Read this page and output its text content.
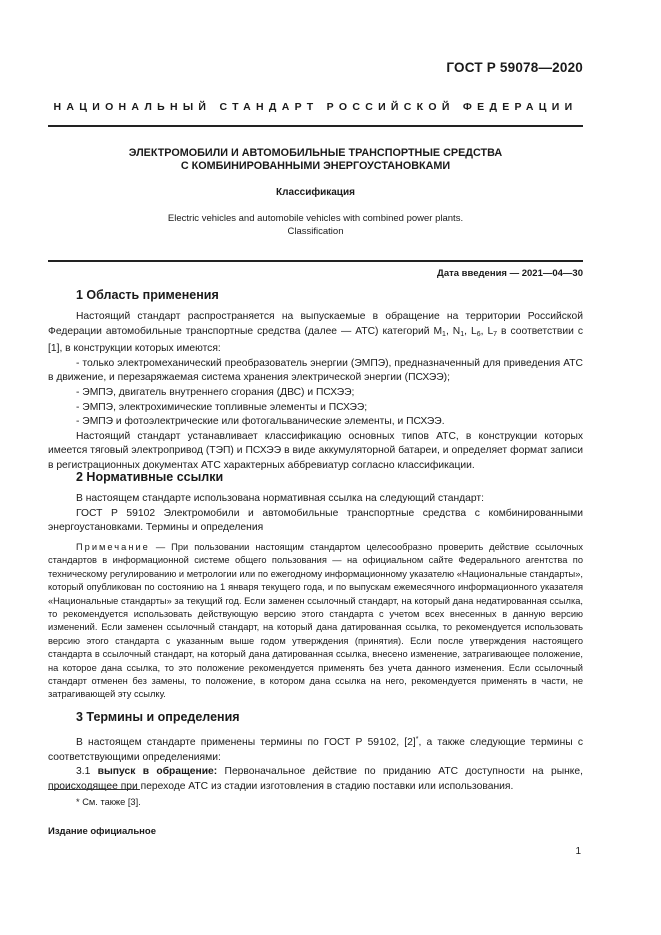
ГОСТ Р 59078—2020
НАЦИОНАЛЬНЫЙ СТАНДАРТ РОССИЙСКОЙ ФЕДЕРАЦИИ
ЭЛЕКТРОМОБИЛИ И АВТОМОБИЛЬНЫЕ ТРАНСПОРТНЫЕ СРЕДСТВА
С КОМБИНИРОВАННЫМИ ЭНЕРГОУСТАНОВКАМИ
Классификация
Electric vehicles and automobile vehicles with combined power plants.
Classification
Дата введения — 2021—04—30
1 Область применения

Настоящий стандарт распространяется на выпускаемые в обращение на территории Российской Федерации автомобильные транспортные средства (далее — АТС) категорий $M_1$, $N_1$, $L_6$, $L_7$ в соответствии с [1], в конструкции которых имеются:

- только электромеханический преобразователь энергии (ЭМПЭ), предназначенный для приведения АТС в движение, и перезаряжаемая система хранения электрической энергии (ПСХЭЭ);

- ЭМПЭ, двигатель внутреннего сгорания (ДВС) и ПСХЭЭ;

- ЭМПЭ, электрохимические топливные элементы и ПСХЭЭ;

- ЭМПЭ и фотоэлектрические или фотогальванические элементы, и ПСХЭЭ.

Настоящий стандарт устанавливает классификацию основных типов АТС, в конструкции которых имеется тяговый электропривод (ТЭП) и ПСХЭЭ в виде аккумуляторной батареи, и определяет формат записи в регистрационных документах АТС характерных аббревиатур согласно классификации.

2 Нормативные ссылки

В настоящем стандарте использована нормативная ссылка на следующий стандарт:

ГОСТ Р 59102 Электромобили и автомобильные транспортные средства с комбинированными энергоустановками. Термины и определения

Примечание — При пользовании настоящим стандартом целесообразно проверить действие ссылочных стандартов в информационной системе общего пользования — на официальном сайте Федерального агентства по техническому регулированию и метрологии или по ежегодному информационному указателю «Национальные стандарты», который опубликован по состоянию на 1 января текущего года, и по выпускам ежемесячного информационного указателя «Национальные стандарты» за текущий год. Если заменен ссылочный стандарт, на который дана недатированная ссылка, то рекомендуется использовать действующую версию этого стандарта с учетом всех внесенных в данную версию изменений. Если заменен ссылочный стандарт, на который дана датированная ссылка, то рекомендуется использовать версию этого стандарта с указанным выше годом утверждения (принятия). Если после утверждения настоящего стандарта в ссылочный стандарт, на который дана датированная ссылка, внесено изменение, затрагивающее положение, на которое дана ссылка, то это положение рекомендуется применять без учета данного изменения. Если ссылочный стандарт отменен без замены, то положение, в котором дана ссылка на него, рекомендуется применять в части, не затрагивающей эту ссылку.
3 Термины и определения

В настоящем стандарте применены термины по ГОСТ Р 59102, [2]*, а также следующие термины с соответствующими определениями:

3.1 выпуск в обращение: Первоначальное действие по приданию АТС доступности на рынке, происходящее при переходе АТС из стадии изготовления в стадию поставки или использования.

* См. также [3].
Издание официальное
1
